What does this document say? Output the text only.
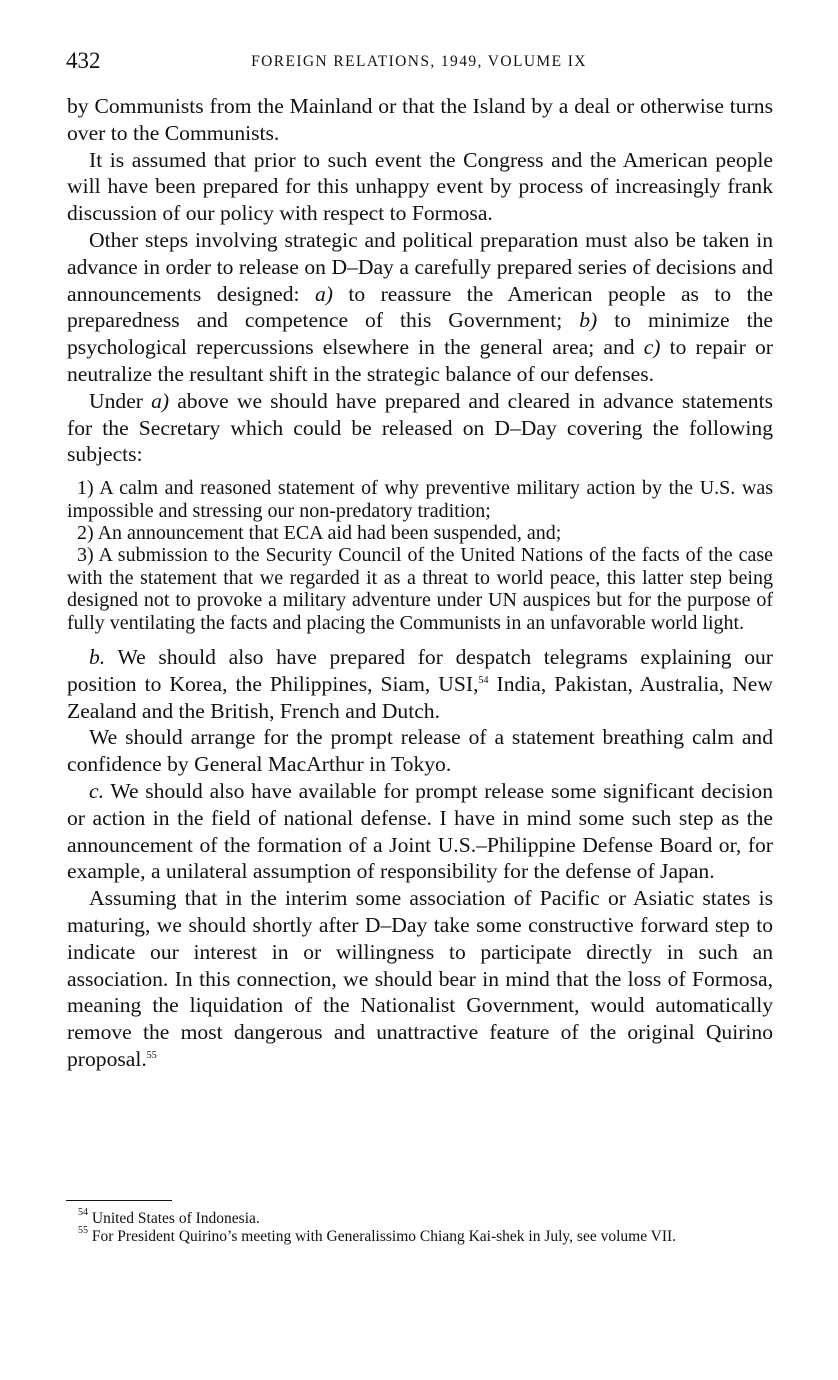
432	FOREIGN RELATIONS, 1949, VOLUME IX

by Communists from the Mainland or that the Island by a deal or otherwise turns over to the Communists.

It is assumed that prior to such event the Congress and the American people will have been prepared for this unhappy event by process of increasingly frank discussion of our policy with respect to Formosa.

Other steps involving strategic and political preparation must also be taken in advance in order to release on D–Day a carefully prepared series of decisions and announcements designed: a) to reassure the American people as to the preparedness and competence of this Government; b) to minimize the psychological repercussions elsewhere in the general area; and c) to repair or neutralize the resultant shift in the strategic balance of our defenses.

Under a) above we should have prepared and cleared in advance statements for the Secretary which could be released on D–Day covering the following subjects:

1) A calm and reasoned statement of why preventive military action by the U.S. was impossible and stressing our non-predatory tradition;
2) An announcement that ECA aid had been suspended, and;
3) A submission to the Security Council of the United Nations of the facts of the case with the statement that we regarded it as a threat to world peace, this latter step being designed not to provoke a military adventure under UN auspices but for the purpose of fully ventilating the facts and placing the Communists in an unfavorable world light.

b. We should also have prepared for despatch telegrams explaining our position to Korea, the Philippines, Siam, USI,$^{54}$ India, Pakistan, Australia, New Zealand and the British, French and Dutch.

We should arrange for the prompt release of a statement breathing calm and confidence by General MacArthur in Tokyo.

c. We should also have available for prompt release some significant decision or action in the field of national defense. I have in mind some such step as the announcement of the formation of a Joint U.S.–Philippine Defense Board or, for example, a unilateral assumption of responsibility for the defense of Japan.

Assuming that in the interim some association of Pacific or Asiatic states is maturing, we should shortly after D–Day take some constructive forward step to indicate our interest in or willingness to participate directly in such an association. In this connection, we should bear in mind that the loss of Formosa, meaning the liquidation of the Nationalist Government, would automatically remove the most dangerous and unattractive feature of the original Quirino proposal.$^{55}$

$^{54}$ United States of Indonesia.

$^{55}$ For President Quirino’s meeting with Generalissimo Chiang Kai-shek in July, see volume VII.
